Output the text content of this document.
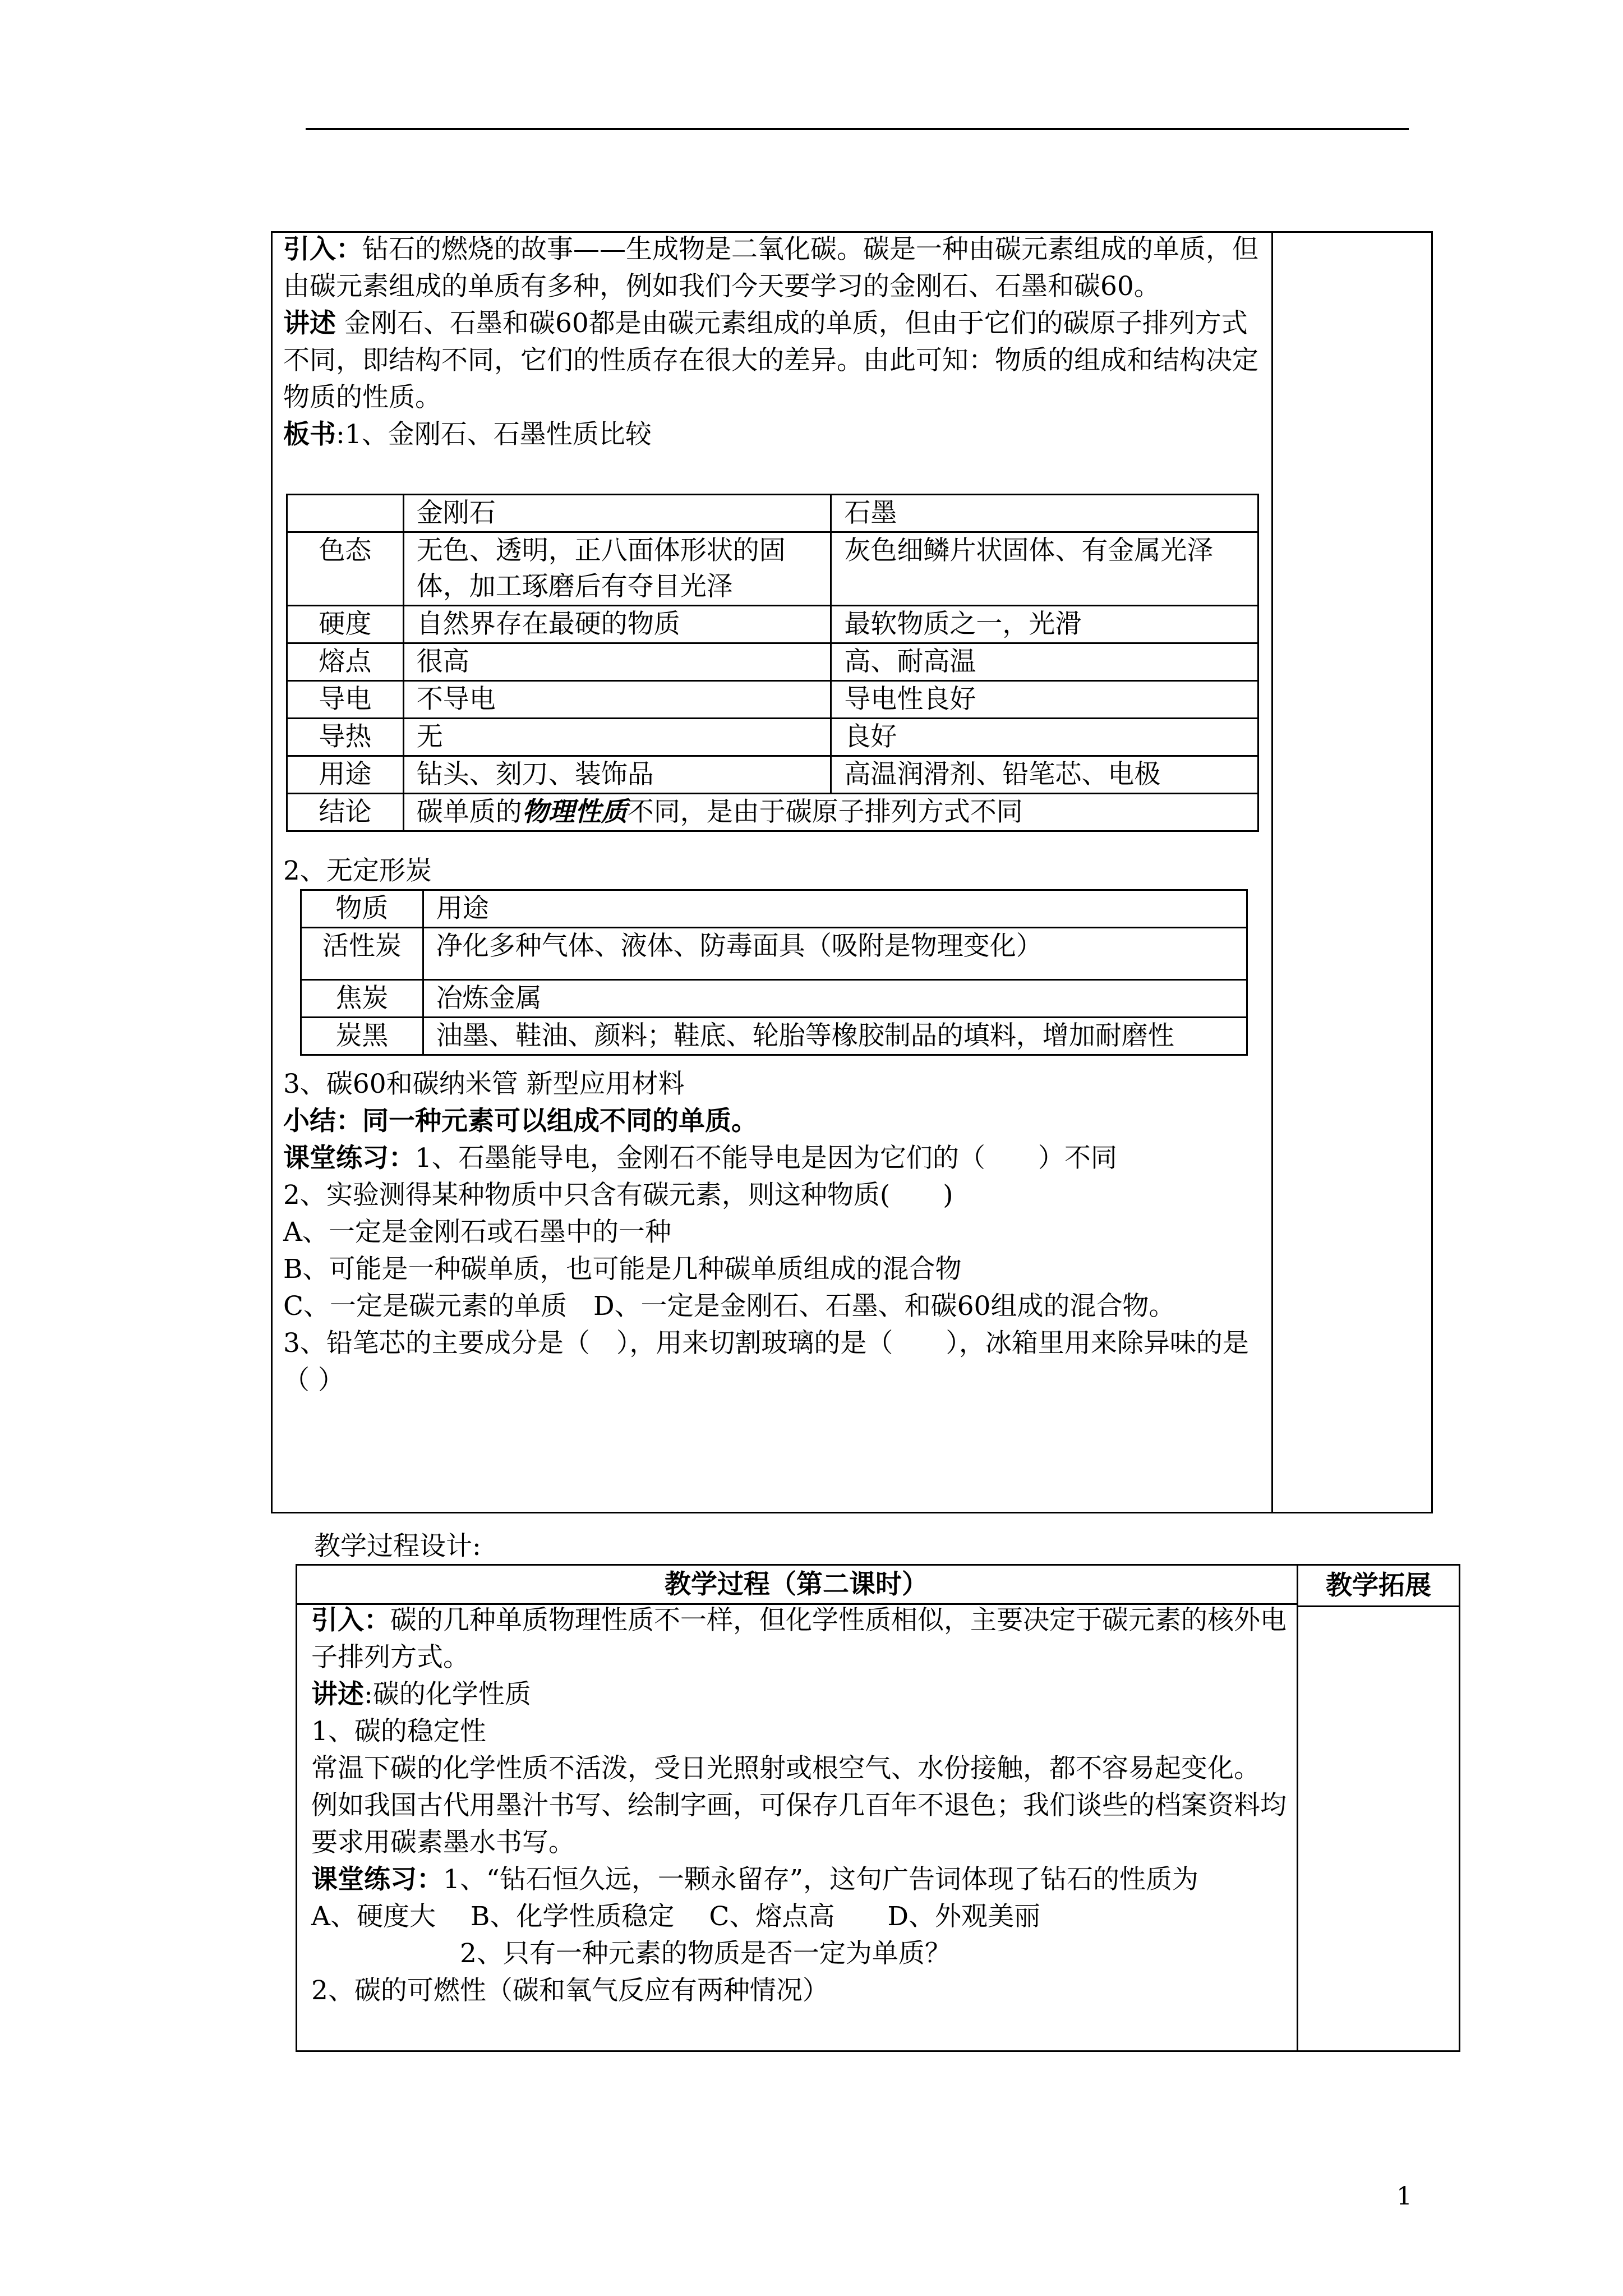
引入：钻石的燃烧的故事——生成物是二氧化碳。碳是一种由碳元素组成的单质，但由碳元素组成的单质有多种，例如我们今天要学习的金刚石、石墨和碳60。

讲述 金刚石、石墨和碳60都是由碳元素组成的单质，但由于它们的碳原子排列方式不同，即结构不同，它们的性质存在很大的差异。由此可知：物质的组成和结构决定物质的性质。

板书:1、金刚石、石墨性质比较

	金刚石	石墨
色态	无色、透明，正八面体形状的固体，加工琢磨后有夺目光泽	灰色细鳞片状固体、有金属光泽
硬度	自然界存在最硬的物质	最软物质之一，光滑
熔点	很高	高、耐高温
导电	不导电	导电性良好
导热	无	良好
用途	钻头、刻刀、装饰品	高温润滑剂、铅笔芯、电极
结论	碳单质的物理性质不同，是由于碳原子排列方式不同	
2、无定形炭
物质	用途
活性炭	净化多种气体、液体、防毒面具（吸附是物理变化）
焦炭	冶炼金属
炭黑	油墨、鞋油、颜料；鞋底、轮胎等橡胶制品的填料，增加耐磨性

3、碳60和碳纳米管 新型应用材料

小结：同一种元素可以组成不同的单质。

课堂练习：1、石墨能导电，金刚石不能导电是因为它们的（　　）不同

2、实验测得某种物质中只含有碳元素，则这种物质(　　)

A、一定是金刚石或石墨中的一种

B、可能是一种碳单质，也可能是几种碳单质组成的混合物

C、一定是碳元素的单质　D、一定是金刚石、石墨、和碳60组成的混合物。

3、铅笔芯的主要成分是（　），用来切割玻璃的是（　　），冰箱里用来除异味的是（ ）

教学过程设计:
教学过程（第二课时）	教学拓展

引入：碳的几种单质物理性质不一样，但化学性质相似，主要决定于碳元素的核外电子排列方式。

讲述:碳的化学性质

1、碳的稳定性

常温下碳的化学性质不活泼，受日光照射或根空气、水份接触，都不容易起变化。

例如我国古代用墨汁书写、绘制字画，可保存几百年不退色；我们谈些的档案资料均要求用碳素墨水书写。

课堂练习：1、“钻石恒久远，一颗永留存”，这句广告词体现了钻石的性质为

A、硬度大　 B、化学性质稳定　 C、熔点高　　D、外观美丽

2、只有一种元素的物质是否一定为单质？

2、碳的可燃性（碳和氧气反应有两种情况）

1
